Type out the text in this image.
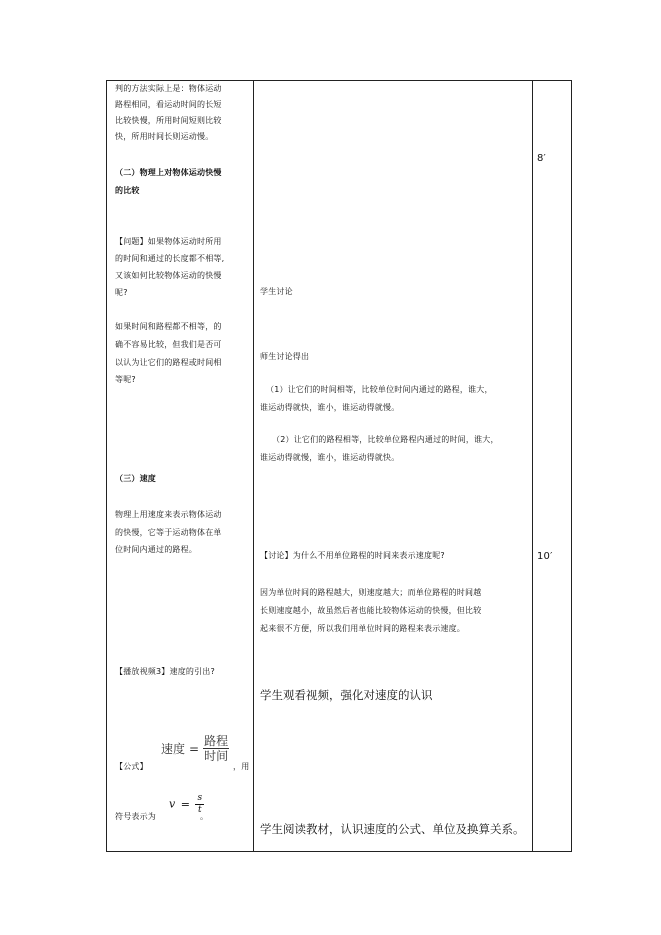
判的方法实际上是：物体运动

路程相同，看运动时间的长短

比较快慢，所用时间短则比较

快，所用时间长则运动慢。

（二）物理上对物体运动快慢

的比较

【问题】如果物体运动时所用

的时间和通过的长度都不相等,

又该如何比较物体运动的快慢

呢?

如果时间和路程都不相等，的

确不容易比较，但我们是否可

以认为让它们的路程或时间相

等呢?

（三）速度

物理上用速度来表示物体运动

的快慢，它等于运动物体在单

位时间内通过的路程。

【播放视频3】速度的引出?

【公式】

速度 = $\frac{\text{路程}}{\text{时间}}$

，用

符号表示为

$v = \frac{s}{t}$

。

学生讨论

师生讨论得出

（1）让它们的时间相等，比较单位时间内通过的路程，谁大，

谁运动得就快，谁小，谁运动得就慢。

（2）让它们的路程相等，比较单位路程内通过的时间，谁大，

谁运动得就慢，谁小，谁运动得就快。

【讨论】为什么不用单位路程的时间来表示速度呢?

因为单位时间的路程越大，则速度越大；而单位路程的时间越

长则速度越小，故虽然后者也能比较物体运动的快慢，但比较

起来很不方便，所以我们用单位时间的路程来表示速度。

学生观看视频，强化对速度的认识

学生阅读教材，认识速度的公式、单位及换算关系。

8′

10′
